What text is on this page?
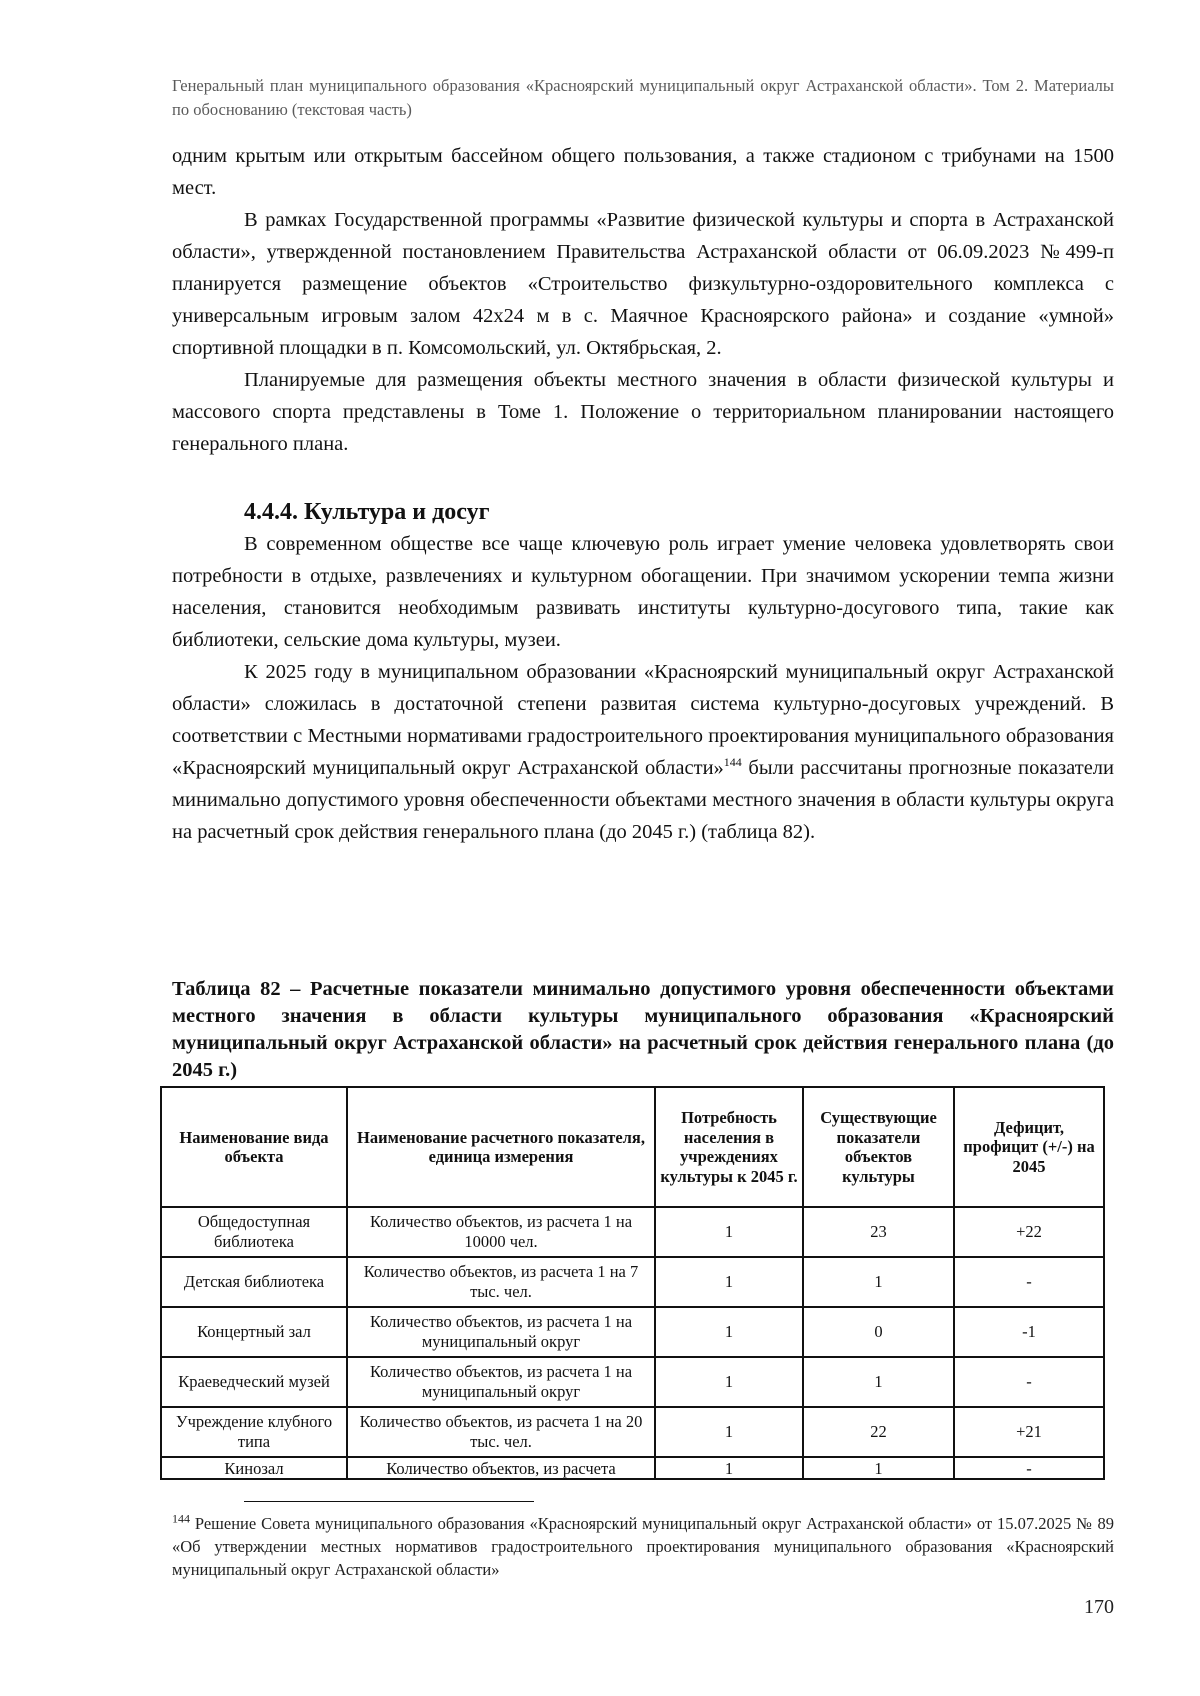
Генеральный план муниципального образования «Красноярский муниципальный округ Астраханской области». Том 2. Материалы по обоснованию (текстовая часть)

одним крытым или открытым бассейном общего пользования, а также стадионом с трибунами на 1500 мест.

В рамках Государственной программы «Развитие физической культуры и спорта в Астраханской области», утвержденной постановлением Правительства Астраханской области от 06.09.2023 №499-п планируется размещение объектов «Строительство физкультурно-оздоровительного комплекса с универсальным игровым залом 42х24 м в с. Маячное Красноярского района» и создание «умной» спортивной площадки в п. Комсомольский, ул. Октябрьская, 2.

Планируемые для размещения объекты местного значения в области физической культуры и массового спорта представлены в Томе 1. Положение о территориальном планировании настоящего генерального плана.

4.4.4. Культура и досуг

В современном обществе все чаще ключевую роль играет умение человека удовлетворять свои потребности в отдыхе, развлечениях и культурном обогащении. При значимом ускорении темпа жизни населения, становится необходимым развивать институты культурно-досугового типа, такие как библиотеки, сельские дома культуры, музеи.

К 2025 году в муниципальном образовании «Красноярский муниципальный округ Астраханской области» сложилась в достаточной степени развитая система культурно-досуговых учреждений. В соответствии с Местными нормативами градостроительного проектирования муниципального образования «Красноярский муниципальный округ Астраханской области»$^{144}$ были рассчитаны прогнозные показатели минимально допустимого уровня обеспеченности объектами местного значения в области культуры округа на расчетный срок действия генерального плана (до 2045 г.) (таблица 82).

Таблица 82 – Расчетные показатели минимально допустимого уровня обеспеченности объектами местного значения в области культуры муниципального образования «Красноярский муниципальный округ Астраханской области» на расчетный срок действия генерального плана (до 2045 г.)
Наименование вида объекта	Наименование расчетного показателя, единица измерения	Потребность населения в учреждениях культуры к 2045 г.	Существующие показатели объектов культуры	Дефицит, профицит (+/-) на 2045
Общедоступная библиотека	Количество объектов, из расчета 1 на 10000 чел.	1	23	+22
Детская библиотека	Количество объектов, из расчета 1 на 7 тыс. чел.	1	1	-
Концертный зал	Количество объектов, из расчета 1 на муниципальный округ	1	0	-1
Краеведческий музей	Количество объектов, из расчета 1 на муниципальный округ	1	1	-
Учреждение клубного типа	Количество объектов, из расчета 1 на 20 тыс. чел.	1	22	+21
Кинозал	Количество объектов, из расчета	1	1	-
$^{144}$ Решение Совета муниципального образования «Красноярский муниципальный округ Астраханской области» от 15.07.2025 № 89 «Об утверждении местных нормативов градостроительного проектирования муниципального образования «Красноярский муниципальный округ Астраханской области»
170
